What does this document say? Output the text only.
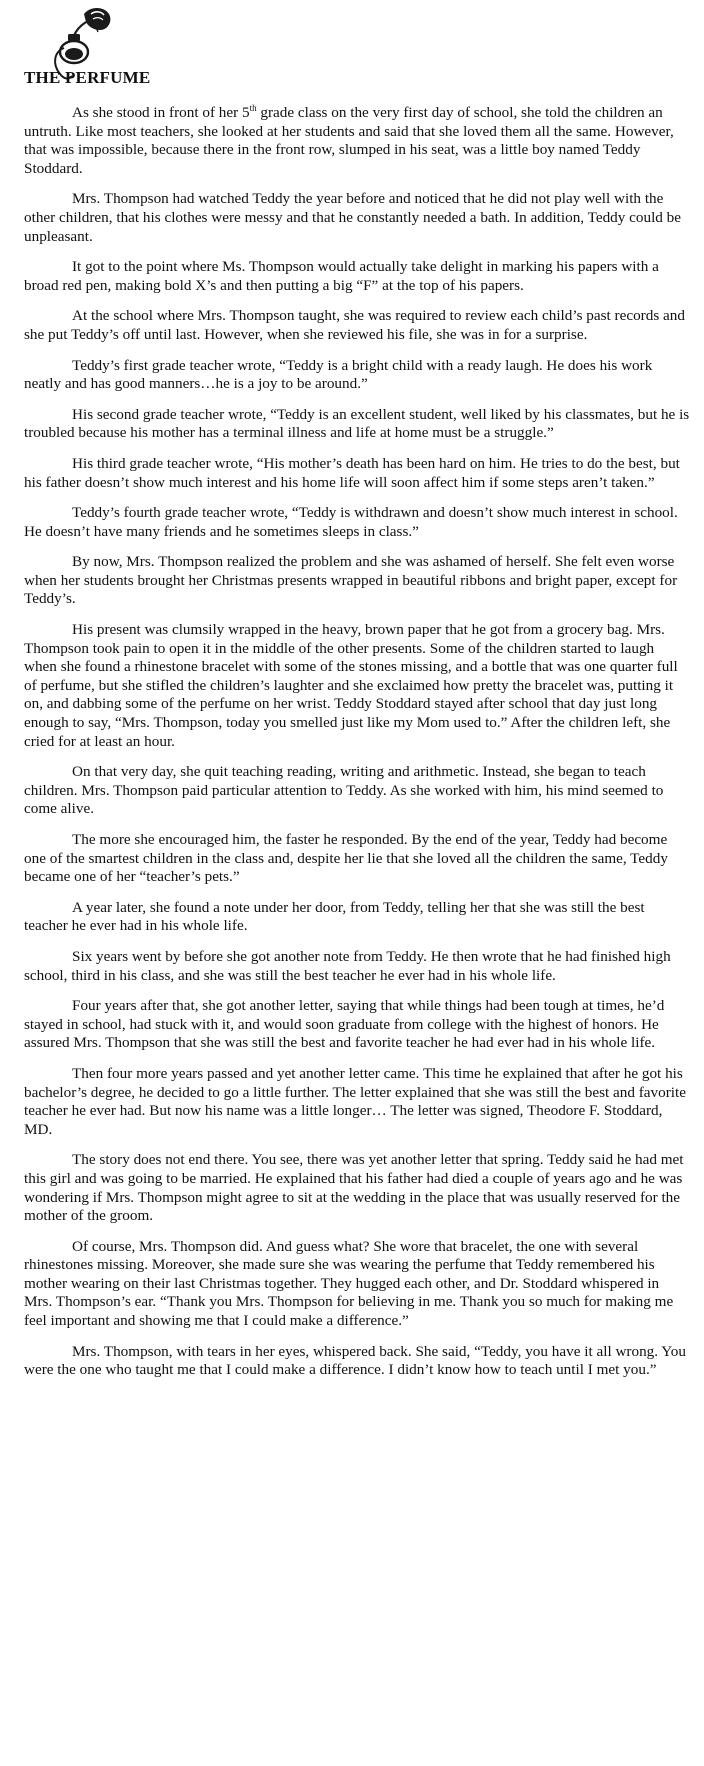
THE PERFUME

As she stood in front of her 5th grade class on the very first day of school, she told the children an untruth. Like most teachers, she looked at her students and said that she loved them all the same. However, that was impossible, because there in the front row, slumped in his seat, was a little boy named Teddy Stoddard.

Mrs. Thompson had watched Teddy the year before and noticed that he did not play well with the other children, that his clothes were messy and that he constantly needed a bath. In addition, Teddy could be unpleasant.

It got to the point where Ms. Thompson would actually take delight in marking his papers with a broad red pen, making bold X’s and then putting a big “F” at the top of his papers.

At the school where Mrs. Thompson taught, she was required to review each child’s past records and she put Teddy’s off until last. However, when she reviewed his file, she was in for a surprise.

Teddy’s first grade teacher wrote, “Teddy is a bright child with a ready laugh. He does his work neatly and has good manners…he is a joy to be around.”

His second grade teacher wrote, “Teddy is an excellent student, well liked by his classmates, but he is troubled because his mother has a terminal illness and life at home must be a struggle.”

His third grade teacher wrote, “His mother’s death has been hard on him. He tries to do the best, but his father doesn’t show much interest and his home life will soon affect him if some steps aren’t taken.”

Teddy’s fourth grade teacher wrote, “Teddy is withdrawn and doesn’t show much interest in school. He doesn’t have many friends and he sometimes sleeps in class.”

By now, Mrs. Thompson realized the problem and she was ashamed of herself. She felt even worse when her students brought her Christmas presents wrapped in beautiful ribbons and bright paper, except for Teddy’s.

His present was clumsily wrapped in the heavy, brown paper that he got from a grocery bag. Mrs. Thompson took pain to open it in the middle of the other presents. Some of the children started to laugh when she found a rhinestone bracelet with some of the stones missing, and a bottle that was one quarter full of perfume, but she stifled the children’s laughter and she exclaimed how pretty the bracelet was, putting it on, and dabbing some of the perfume on her wrist. Teddy Stoddard stayed after school that day just long enough to say, “Mrs. Thompson, today you smelled just like my Mom used to.” After the children left, she cried for at least an hour.

On that very day, she quit teaching reading, writing and arithmetic. Instead, she began to teach children. Mrs. Thompson paid particular attention to Teddy. As she worked with him, his mind seemed to come alive.

The more she encouraged him, the faster he responded. By the end of the year, Teddy had become one of the smartest children in the class and, despite her lie that she loved all the children the same, Teddy became one of her “teacher’s pets.”

A year later, she found a note under her door, from Teddy, telling her that she was still the best teacher he ever had in his whole life.

Six years went by before she got another note from Teddy. He then wrote that he had finished high school, third in his class, and she was still the best teacher he ever had in his whole life.

Four years after that, she got another letter, saying that while things had been tough at times, he’d stayed in school, had stuck with it, and would soon graduate from college with the highest of honors. He assured Mrs. Thompson that she was still the best and favorite teacher he had ever had in his whole life.

Then four more years passed and yet another letter came. This time he explained that after he got his bachelor’s degree, he decided to go a little further. The letter explained that she was still the best and favorite teacher he ever had. But now his name was a little longer… The letter was signed, Theodore F. Stoddard, MD.

The story does not end there. You see, there was yet another letter that spring. Teddy said he had met this girl and was going to be married. He explained that his father had died a couple of years ago and he was wondering if Mrs. Thompson might agree to sit at the wedding in the place that was usually reserved for the mother of the groom.

Of course, Mrs. Thompson did. And guess what? She wore that bracelet, the one with several rhinestones missing. Moreover, she made sure she was wearing the perfume that Teddy remembered his mother wearing on their last Christmas together. They hugged each other, and Dr. Stoddard whispered in Mrs. Thompson’s ear. “Thank you Mrs. Thompson for believing in me. Thank you so much for making me feel important and showing me that I could make a difference.”

Mrs. Thompson, with tears in her eyes, whispered back. She said, “Teddy, you have it all wrong. You were the one who taught me that I could make a difference. I didn’t know how to teach until I met you.”
